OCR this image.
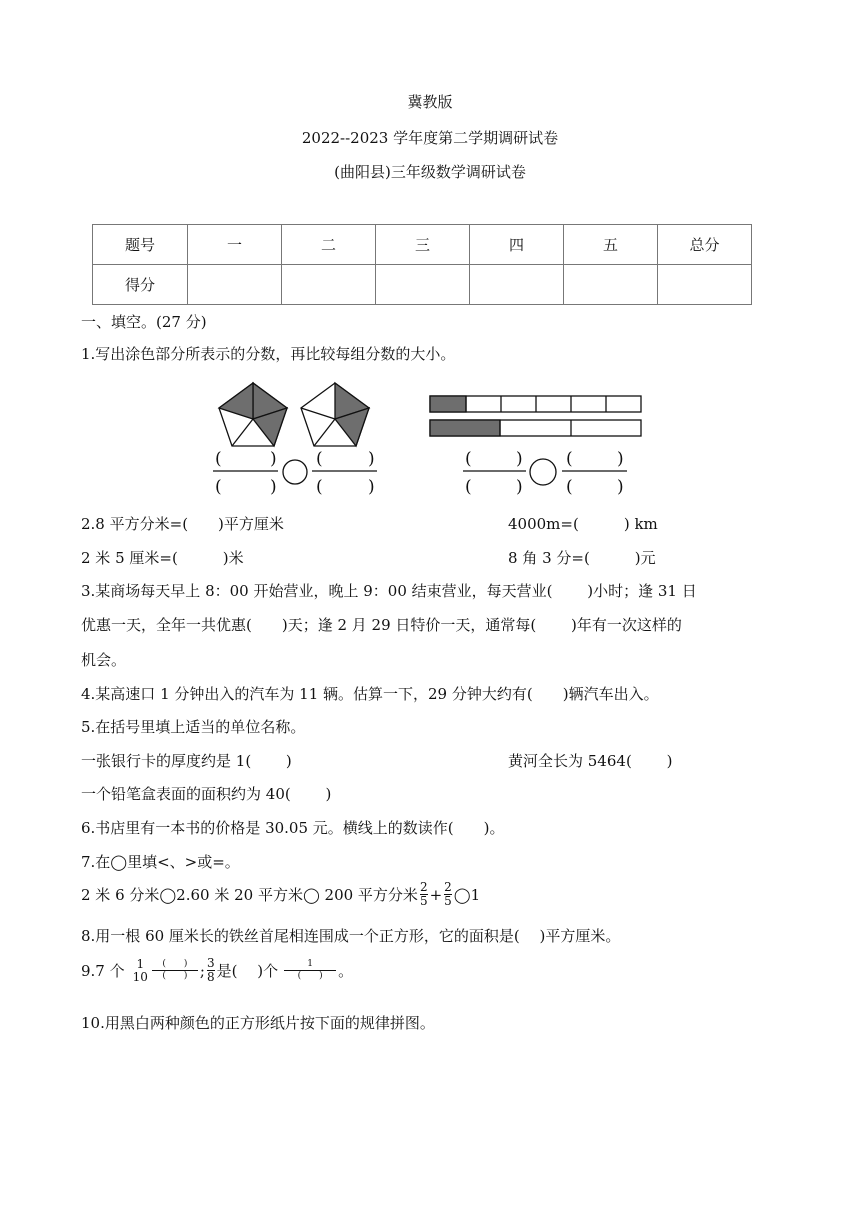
冀教版
2022--2023 学年度第二学期调研试卷
(曲阳县)三年级数学调研试卷
题号	一	二	三	四	五	总分
得分						
一、填空。(27 分)
1.写出涂色部分所表示的分数，再比较每组分数的大小。
(	)
(	)
(	)
(	)
(	)
(	)
(	)
(	)
2.8 平方分米=(　　)平方厘米	4000m=(　　　) km
2 米 5 厘米=(　　　)米	8 角 3 分=(　　　)元
3.某商场每天早上 8：00 开始营业，晚上 9：00 结束营业，每天营业(　　 )小时；逢 31 日
优惠一天，全年一共优惠(　　)天；逢 2 月 29 日特价一天，通常每(　　 )年有一次这样的
机会。
4.某高速口 1 分钟出入的汽车为 11 辆。估算一下，29 分钟大约有(　　)辆汽车出入。
5.在括号里填上适当的单位名称。
一张银行卡的厚度约是 1(　　 )	黄河全长为 5464(　　 )
一个铅笔盒表面的面积约为 40(　　 )
6.书店里有一本书的价格是 30.05 元。横线上的数读作(　　)。
7.在◯里填<、>或=。
2 米 6 分米◯2.60 米 20 平方米◯ 200 平方分米 $\frac{2}{5} + \frac{2}{5}$ ◯1
8.用一根 60 厘米长的铁丝首尾相连围成一个正方形，它的面积是(　 )平方厘米。
9.7 个 1
$10 \frac{( )}{( )}$ ; $\frac{3}{8}$ 是(　 )个 $\frac{1}{( )}$ 。
10.用黑白两种颜色的正方形纸片按下面的规律拼图。
